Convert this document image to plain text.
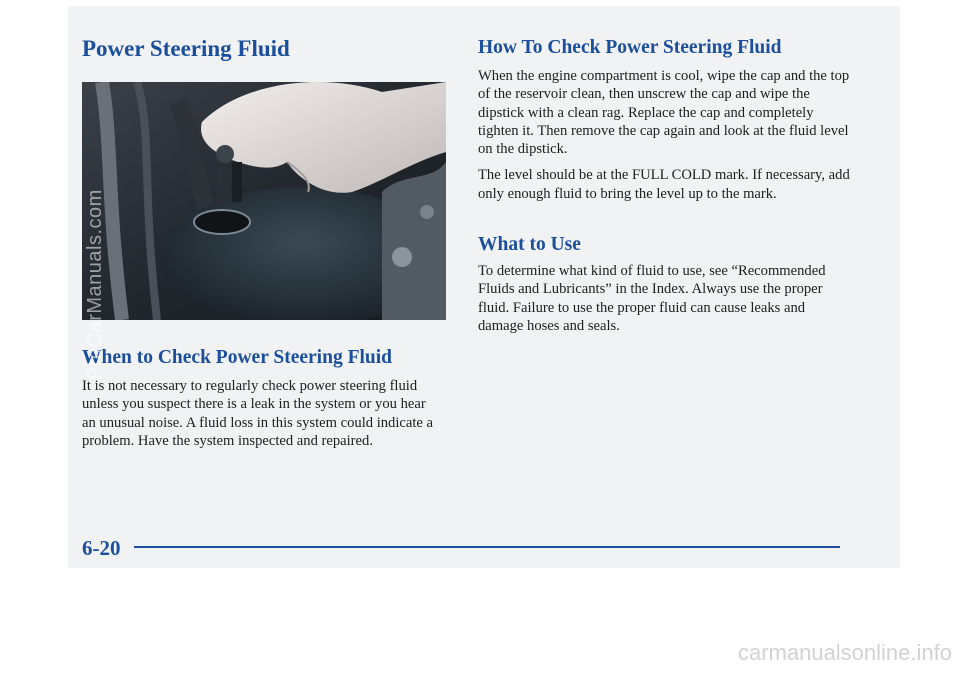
Power Steering Fluid
When to Check Power Steering Fluid

It is not necessary to regularly check power steering fluid unless you suspect there is a leak in the system or you hear an unusual noise. A fluid loss in this system could indicate a problem. Have the system inspected and repaired.

How To Check Power Steering Fluid

When the engine compartment is cool, wipe the cap and the top of the reservoir clean, then unscrew the cap and wipe the dipstick with a clean rag. Replace the cap and completely tighten it. Then remove the cap again and look at the fluid level on the dipstick.

The level should be at the FULL COLD mark. If necessary, add only enough fluid to bring the level up to the mark.

What to Use

To determine what kind of fluid to use, see “Recommended Fluids and Lubricants” in the Index. Always use the proper fluid. Failure to use the proper fluid can cause leaks and damage hoses and seals.

6-20
ProCarManuals.com
carmanualsonline.info
